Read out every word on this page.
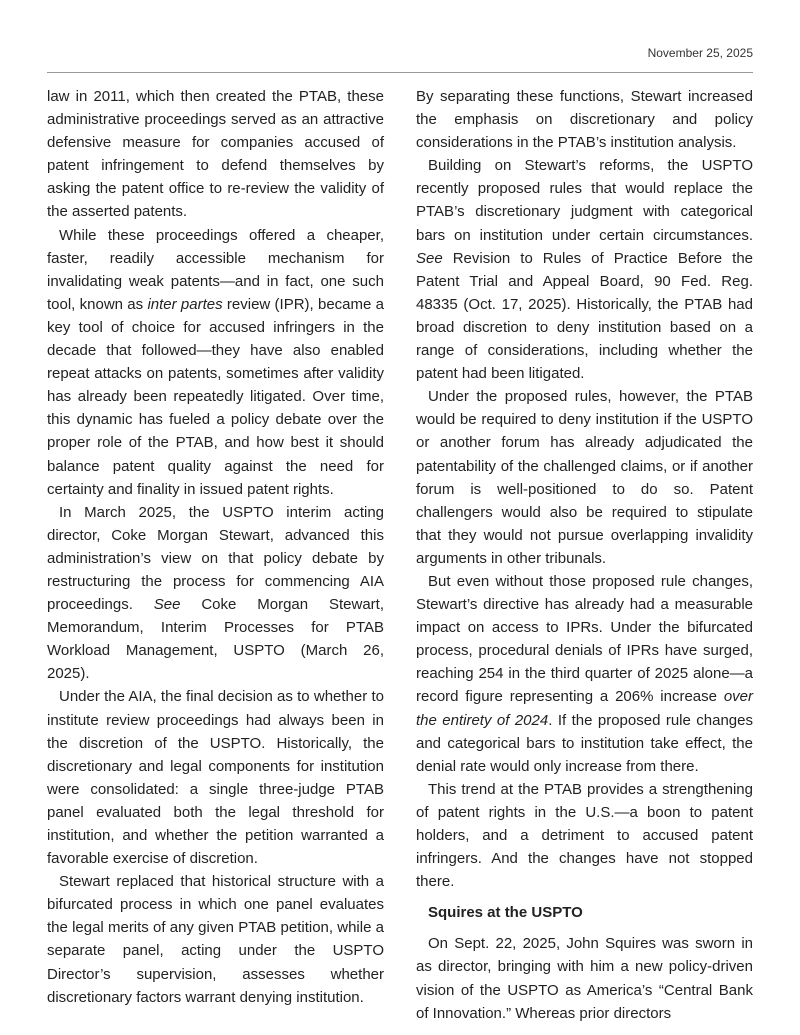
November 25, 2025

law in 2011, which then created the PTAB, these administrative proceedings served as an attractive defensive measure for companies accused of patent infringement to defend themselves by asking the patent office to re-review the validity of the asserted patents.

While these proceedings offered a cheaper, faster, readily accessible mechanism for invalidating weak patents—and in fact, one such tool, known as inter partes review (IPR), became a key tool of choice for accused infringers in the decade that followed—they have also enabled repeat attacks on patents, sometimes after validity has already been repeatedly litigated. Over time, this dynamic has fueled a policy debate over the proper role of the PTAB, and how best it should balance patent quality against the need for certainty and finality in issued patent rights.

In March 2025, the USPTO interim acting director, Coke Morgan Stewart, advanced this administration’s view on that policy debate by restructuring the process for commencing AIA proceedings. See Coke Morgan Stewart, Memorandum, Interim Processes for PTAB Workload Management, USPTO (March 26, 2025).

Under the AIA, the final decision as to whether to institute review proceedings had always been in the discretion of the USPTO. Historically, the discretionary and legal components for institution were consolidated: a single three-judge PTAB panel evaluated both the legal threshold for institution, and whether the petition warranted a favorable exercise of discretion.

Stewart replaced that historical structure with a bifurcated process in which one panel evaluates the legal merits of any given PTAB petition, while a separate panel, acting under the USPTO Director’s supervision, assesses whether discretionary factors warrant denying institution.

By separating these functions, Stewart increased the emphasis on discretionary and policy considerations in the PTAB’s institution analysis.

Building on Stewart’s reforms, the USPTO recently proposed rules that would replace the PTAB’s discretionary judgment with categorical bars on institution under certain circumstances. See Revision to Rules of Practice Before the Patent Trial and Appeal Board, 90 Fed. Reg. 48335 (Oct. 17, 2025). Historically, the PTAB had broad discretion to deny institution based on a range of considerations, including whether the patent had been litigated.

Under the proposed rules, however, the PTAB would be required to deny institution if the USPTO or another forum has already adjudicated the patentability of the challenged claims, or if another forum is well-positioned to do so. Patent challengers would also be required to stipulate that they would not pursue overlapping invalidity arguments in other tribunals.

But even without those proposed rule changes, Stewart’s directive has already had a measurable impact on access to IPRs. Under the bifurcated process, procedural denials of IPRs have surged, reaching 254 in the third quarter of 2025 alone—a record figure representing a 206% increase over the entirety of 2024. If the proposed rule changes and categorical bars to institution take effect, the denial rate would only increase from there.

This trend at the PTAB provides a strengthening of patent rights in the U.S.—a boon to patent holders, and a detriment to accused patent infringers. And the changes have not stopped there.

Squires at the USPTO

On Sept. 22, 2025, John Squires was sworn in as director, bringing with him a new policy-driven vision of the USPTO as America’s “Central Bank of Innovation.” Whereas prior directors
